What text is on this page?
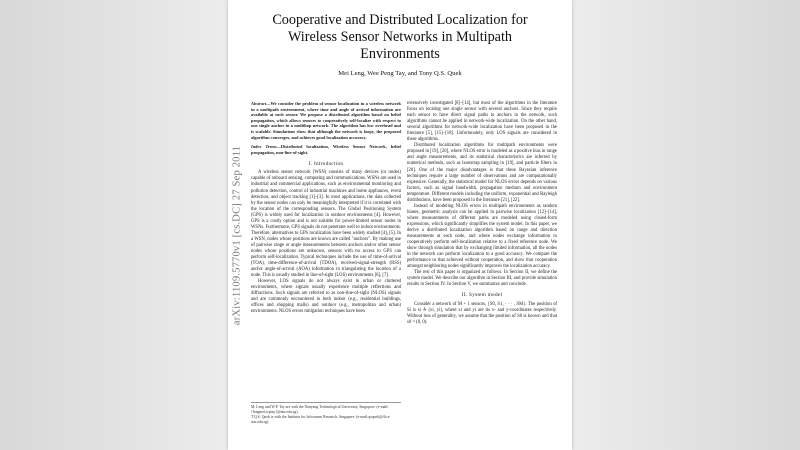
arXiv:1109.5770v1 [cs.DC] 27 Sep 2011
Cooperative and Distributed Localization for Wireless Sensor Networks in Multipath Environments
Mei Leng, Wee Peng Tay, and Tony Q.S. Quek
Abstract—We consider the problem of sensor localization in a wireless network in a multipath environment, where time and angle of arrival information are available at each sensor. We propose a distributed algorithm based on belief propagation, which allows sensors to cooperatively self-localize with respect to one single anchor in a multihop network. The algorithm has low overhead and is scalable. Simulations show that although the network is loopy, the proposed algorithm converges, and achieves good localization accuracy.
Index Terms—Distributed localization, Wireless Sensor Network, belief propagation, non-line-of-sight.
I. Introduction

A wireless sensor network (WSN) consists of many devices (or nodes) capable of onboard sensing, computing and communications. WSNs are used in industrial and commercial applications, such as environmental monitoring and pollution detection, control of industrial machines and home appliances, event detection, and object tracking [1]–[3]. In most applications, the data collected by the sensor nodes can only be meaningfully interpreted if it is correlated with the location of the corresponding sensors. The Global Positioning System (GPS) is widely used for localization in outdoor environments [4]. However, GPS is a costly option and is not suitable for power-limited sensor nodes in WSNs. Furthermore, GPS signals do not penetrate well to indoor environments. Therefore, alternatives to GPS localization have been widely studied [4], [5]. In a WSN, nodes whose positions are known are called "anchors". By making use of pairwise range or angle measurements between anchors and/or other sensor nodes whose positions are unknown, sensors with no access to GPS can perform self-localization. Typical techniques include the use of time-of-arrival (TOA), time-difference-of-arrival (TDOA), received-signal-strength (RSS) and/or angle-of-arrival (AOA) information in triangulating the location of a node. This is usually studied in line-of-sight (LOS) environments [6], [7].

However, LOS signals do not always exist in urban or cluttered environments, where signals usually experience multiple reflections and diffractions. Such signals are referred to as non-line-of-sight (NLOS) signals and are commonly encountered in both indoor (e.g., residential buildings, offices and shopping malls) and outdoor (e.g., metropolitan and urban) environments. NLOS errors mitigation techniques have been

M. Leng and W.P. Tay are with the Nanyang Technological University, Singapore. (e-mail: {lengmei,wptay}@ntu.edu.sg).
T.Q.S. Quek is with the Institute for Infocomm Research, Singapore. (e-mail:qsquek@i2r.a-star.edu.sg).

extensively investigated [8]–[14], but most of the algorithms in the literature focus on locating one single sensor with several anchors. Since they require each sensor to have direct signal paths to anchors in the network, such algorithms cannot be applied in network-wide localization. On the other hand, several algorithms for network-wide localization have been proposed in the literature [5], [15]–[18]. Unfortunately, only LOS signals are considered in these algorithms.

Distributed localization algorithms for multipath environments were proposed in [19], [20], where NLOS error is modeled as a positive bias in range and angle measurements, and its statistical characteristics are inferred by numerical methods, such as bootstrap sampling in [19], and particle filters in [20]. One of the major disadvantages is that these Bayesian inference techniques require a large number of observations and are computationally expensive. Generally, the statistical model for NLOS errors depends on various factors, such as signal bandwidth, propagation medium and environment temperature. Different models including the uniform, exponential and Rayleigh distributions, have been proposed in the literature [21], [22].

Instead of modeling NLOS errors in multipath environments as random biases, geometric analysis can be applied in pairwise localization [12]–[14], where measurements of different paths are modeled using closed-form expressions, which significantly simplifies the system model. In this paper, we derive a distributed localization algorithm based on range and direction measurements at each node, and where nodes exchange information to cooperatively perform self-localization relative to a fixed reference node. We show through simulation that by exchanging limited information, all the nodes in the network can perform localization to a good accuracy. We compare the performance to that achieved without cooperation, and show that cooperation amongst neighboring nodes significantly improves the localization accuracy.

The rest of this paper is organized as follows. In Section II, we define the system model. We describe our algorithm in Section III, and provide simulation results in Section IV. In Section V, we summarize and conclude.

II. System model

Consider a network of M + 1 sensors, {S0, S1, · · · , SM}. The position of Si is si ≜ (xi, yi), where xi and yi are its x- and y-coordinates respectively. Without loss of generality, we assume that the position of S0 is known and that s0 = (0, 0).
